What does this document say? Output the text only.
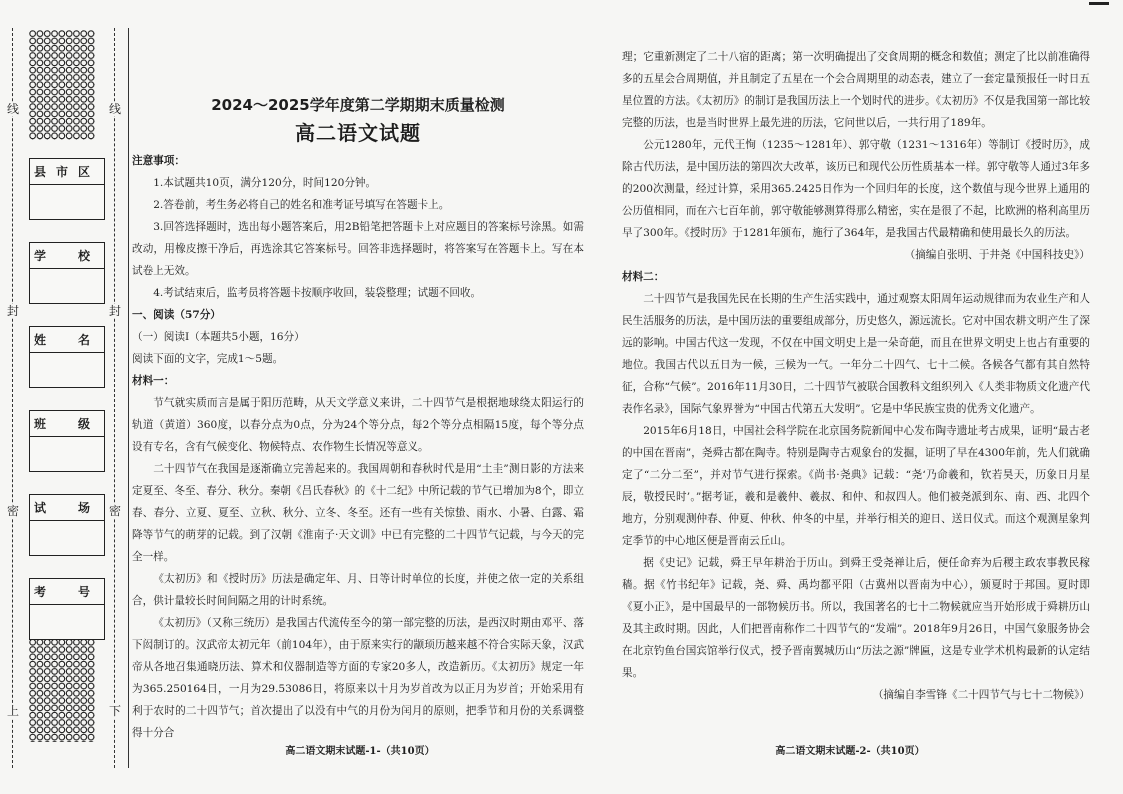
线	线
封	封
密	密
上	下
县市区
学　校
姓　名
班　级
试　场
考　号
2024～2025学年度第二学期期末质量检测
高二语文试题

注意事项：

1.本试题共10页，满分120分，时间120分钟。

2.答卷前，考生务必将自己的姓名和准考证号填写在答题卡上。

3.回答选择题时，选出每小题答案后，用2B铅笔把答题卡上对应题目的答案标号涂黑。如需改动，用橡皮擦干净后，再选涂其它答案标号。回答非选择题时，将答案写在答题卡上。写在本试卷上无效。

4.考试结束后，监考员将答题卡按顺序收回，装袋整理；试题不回收。

一、阅读（57分）

（一）阅读Ⅰ（本题共5小题，16分）

阅读下面的文字，完成1～5题。

材料一：

节气就实质而言是属于阳历范畴，从天文学意义来讲，二十四节气是根据地球绕太阳运行的轨道（黄道）360度，以春分点为0点，分为24个等分点，每2个等分点相隔15度，每个等分点设有专名，含有气候变化、物候特点、农作物生长情况等意义。

二十四节气在我国是逐渐确立完善起来的。我国周朝和春秋时代是用“土圭”测日影的方法来定夏至、冬至、春分、秋分。秦朝《吕氏春秋》的《十二纪》中所记载的节气已增加为8个，即立春、春分、立夏、夏至、立秋、秋分、立冬、冬至。还有一些有关惊蛰、雨水、小暑、白露、霜降等节气的萌芽的记载。到了汉朝《淮南子·天文训》中已有完整的二十四节气记载，与今天的完全一样。

《太初历》和《授时历》历法是确定年、月、日等计时单位的长度，并使之依一定的关系组合，供计量较长时间间隔之用的计时系统。

《太初历》（又称三统历）是我国古代流传至今的第一部完整的历法，是西汉时期由邓平、落下闳制订的。汉武帝太初元年（前104年），由于原来实行的颛顼历越来越不符合实际天象，汉武帝从各地召集通晓历法、算术和仪器制造等方面的专家20多人，改造新历。《太初历》规定一年为365.250164日，一月为29.53086日，将原来以十月为岁首改为以正月为岁首；开始采用有利于农时的二十四节气；首次提出了以没有中气的月份为闰月的原则，把季节和月份的关系调整得十分合

高二语文期末试题-1-（共10页）

理；它重新测定了二十八宿的距离；第一次明确提出了交食周期的概念和数值；测定了比以前准确得多的五星会合周期值，并且制定了五星在一个会合周期里的动态表，建立了一套定量预报任一时日五星位置的方法。《太初历》的制订是我国历法上一个划时代的进步。《太初历》不仅是我国第一部比较完整的历法，也是当时世界上最先进的历法，它问世以后，一共行用了189年。

公元1280年，元代王恂（1235～1281年）、郭守敬（1231～1316年）等制订《授时历》，成除古代历法，是中国历法的第四次大改革，该历已和现代公历性质基本一样。郭守敬等人通过3年多的200次测量，经过计算，采用365.2425日作为一个回归年的长度，这个数值与现今世界上通用的公历值相同，而在六七百年前，郭守敬能够测算得那么精密，实在是很了不起，比欧洲的格利高里历早了300年。《授时历》于1281年颁布，施行了364年，是我国古代最精确和使用最长久的历法。

（摘编自张明、于井尧《中国科技史》）

材料二：

二十四节气是我国先民在长期的生产生活实践中，通过观察太阳周年运动规律而为农业生产和人民生活服务的历法，是中国历法的重要组成部分，历史悠久，源远流长。它对中国农耕文明产生了深远的影响。中国古代这一发现，不仅在中国文明史上是一朵奇葩，而且在世界文明史上也占有重要的地位。我国古代以五日为一候，三候为一气。一年分二十四气、七十二候。各候各气都有其自然特征，合称“气候”。2016年11月30日，二十四节气被联合国教科文组织列入《人类非物质文化遗产代表作名录》，国际气象界誉为“中国古代第五大发明”。它是中华民族宝贵的优秀文化遗产。

2015年6月18日，中国社会科学院在北京国务院新闻中心发布陶寺遗址考古成果，证明“最古老的中国在晋南”，尧舜古都在陶寺。特别是陶寺古观象台的发掘，证明了早在4300年前，先人们就确定了“二分二至”，并对节气进行探索。《尚书·尧典》记载：“尧‘乃命羲和，钦若昊天，历象日月星辰，敬授民时’。”据考证，羲和是羲仲、羲叔、和仲、和叔四人。他们被尧派到东、南、西、北四个地方，分别观测仲春、仲夏、仲秋、仲冬的中星，并举行相关的迎日、送日仪式。而这个观测星象判定季节的中心地区便是晋南云丘山。

据《史记》记载，舜王早年耕治于历山。到舜王受尧禅让后，便任命弃为后稷主政农事教民稼穑。据《竹书纪年》记载，尧、舜、禹均都平阳（古冀州以晋南为中心），颁夏时于邦国。夏时即《夏小正》，是中国最早的一部物候历书。所以，我国著名的七十二物候就应当开始形成于舜耕历山及其主政时期。因此，人们把晋南称作二十四节气的“发端”。2018年9月26日，中国气象服务协会在北京钓鱼台国宾馆举行仪式，授予晋南翼城历山“历法之源”牌匾，这是专业学术机构最新的认定结果。

（摘编自李雪锋《二十四节气与七十二物候》）

高二语文期末试题-2-（共10页）
